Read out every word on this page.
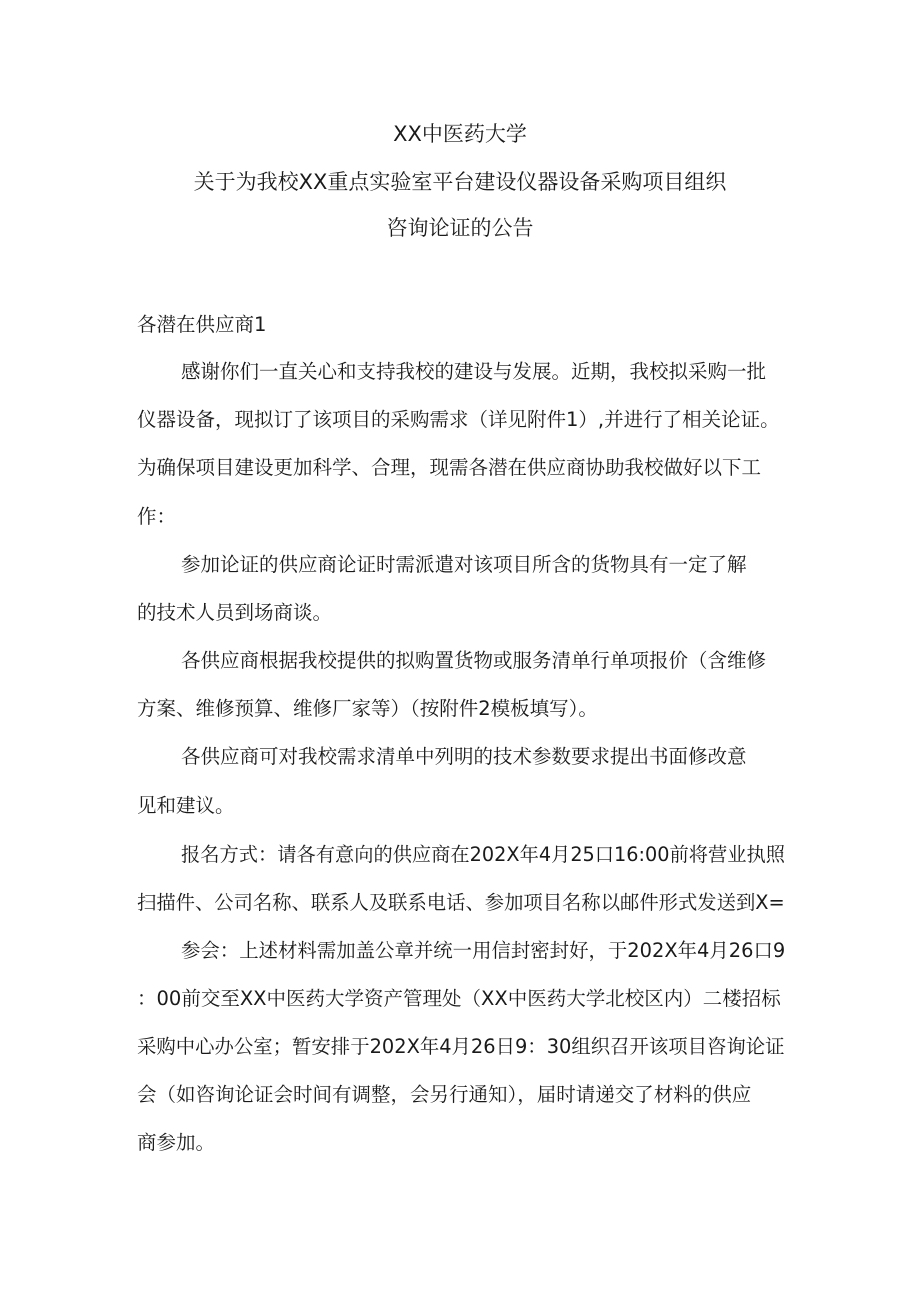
XX中医药大学
关于为我校XX重点实验室平台建设仪器设备采购项目组织
咨询论证的公告
各潜在供应商1
感谢你们一直关心和支持我校的建设与发展。近期，我校拟采购一批
仪器设备，现拟订了该项目的采购需求（详见附件1）,并进行了相关论证。
为确保项目建设更加科学、合理，现需各潜在供应商协助我校做好以下工
作：
参加论证的供应商论证时需派遣对该项目所含的货物具有一定了解
的技术人员到场商谈。
各供应商根据我校提供的拟购置货物或服务清单行单项报价（含维修
方案、维修预算、维修厂家等）（按附件2模板填写）。
各供应商可对我校需求清单中列明的技术参数要求提出书面修改意
见和建议。
报名方式：请各有意向的供应商在202X年4月25口16:00前将营业执照
扫描件、公司名称、联系人及联系电话、参加项目名称以邮件形式发送到X=
参会：上述材料需加盖公章并统一用信封密封好，于202X年4月26口9
：00前交至XX中医药大学资产管理处（XX中医药大学北校区内）二楼招标
采购中心办公室；暂安排于202X年4月26日9：30组织召开该项目咨询论证
会（如咨询论证会时间有调整，会另行通知），届时请递交了材料的供应
商参加。
